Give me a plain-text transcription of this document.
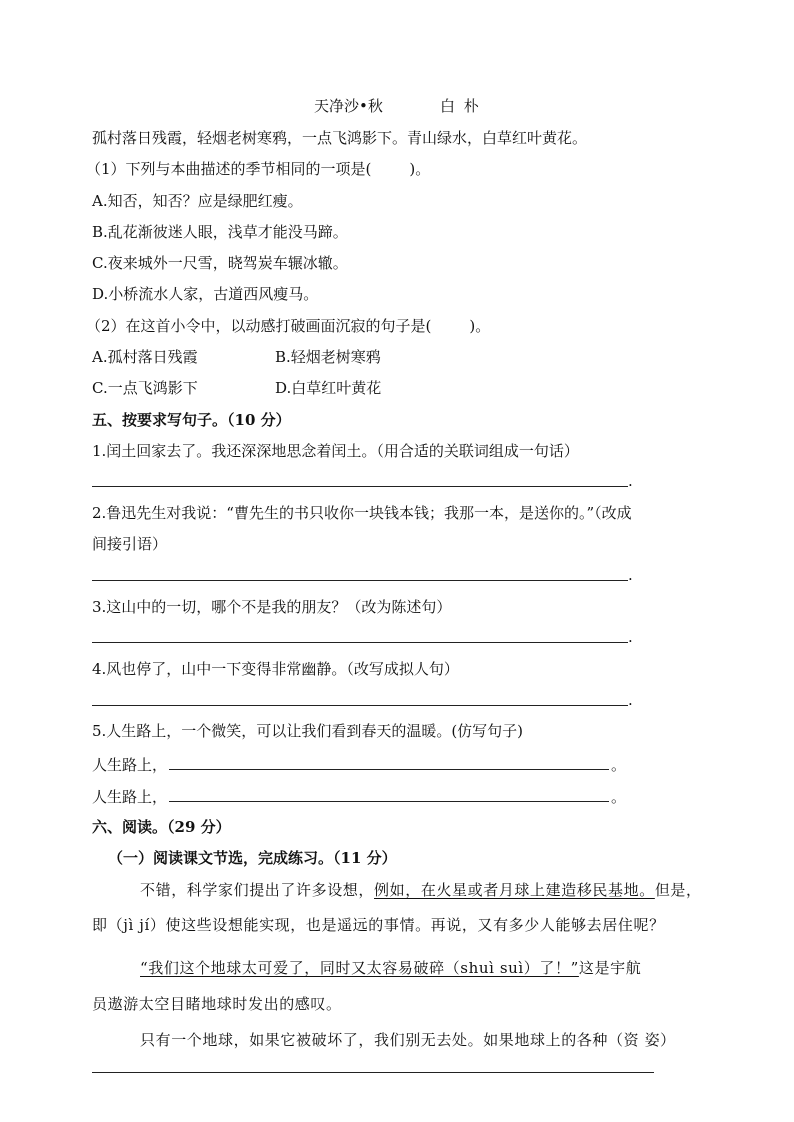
天净沙•秋	白 朴
孤村落日残霞，轻烟老树寒鸦，一点飞鸿影下。青山绿水，白草红叶黄花。
（1）下列与本曲描述的季节相同的一项是(	)。
A.知否，知否？应是绿肥红瘦。
B.乱花渐彼迷人眼，浅草才能没马蹄。
C.夜来城外一尺雪，晓驾炭车辗冰辙。
D.小桥流水人家，古道西风瘦马。
（2）在这首小令中，以动感打破画面沉寂的句子是(	)。
A.孤村落日残霞	B.轻烟老树寒鸦
C.一点飞鸿影下	D.白草红叶黄花
五、按要求写句子。（10 分）
1.闰土回家去了。我还深深地思念着闰土。（用合适的关联词组成一句话）
.
2.鲁迅先生对我说：“曹先生的书只收你一块钱本钱；我那一本，是送你的。”（改成
间接引语）
.
3.这山中的一切，哪个不是我的朋友？（改为陈述句）
.
4.风也停了，山中一下变得非常幽静。（改写成拟人句）
.
5.人生路上，一个微笑，可以让我们看到春天的温暖。(仿写句子)
人生路上，	。
人生路上，	。
六、阅读。（29 分）
（一）阅读课文节选，完成练习。（11 分）
不错，科学家们提出了许多设想，例如，在火星或者月球上建造移民基地。但是，
即（jì jí）使这些设想能实现，也是遥远的事情。再说，又有多少人能够去居住呢？
“我们这个地球太可爱了，同时又太容易破碎（shuì suì）了！”这是宇航
员遨游太空目睹地球时发出的感叹。
只有一个地球，如果它被破坏了，我们别无去处。如果地球上的各种（资 姿）
